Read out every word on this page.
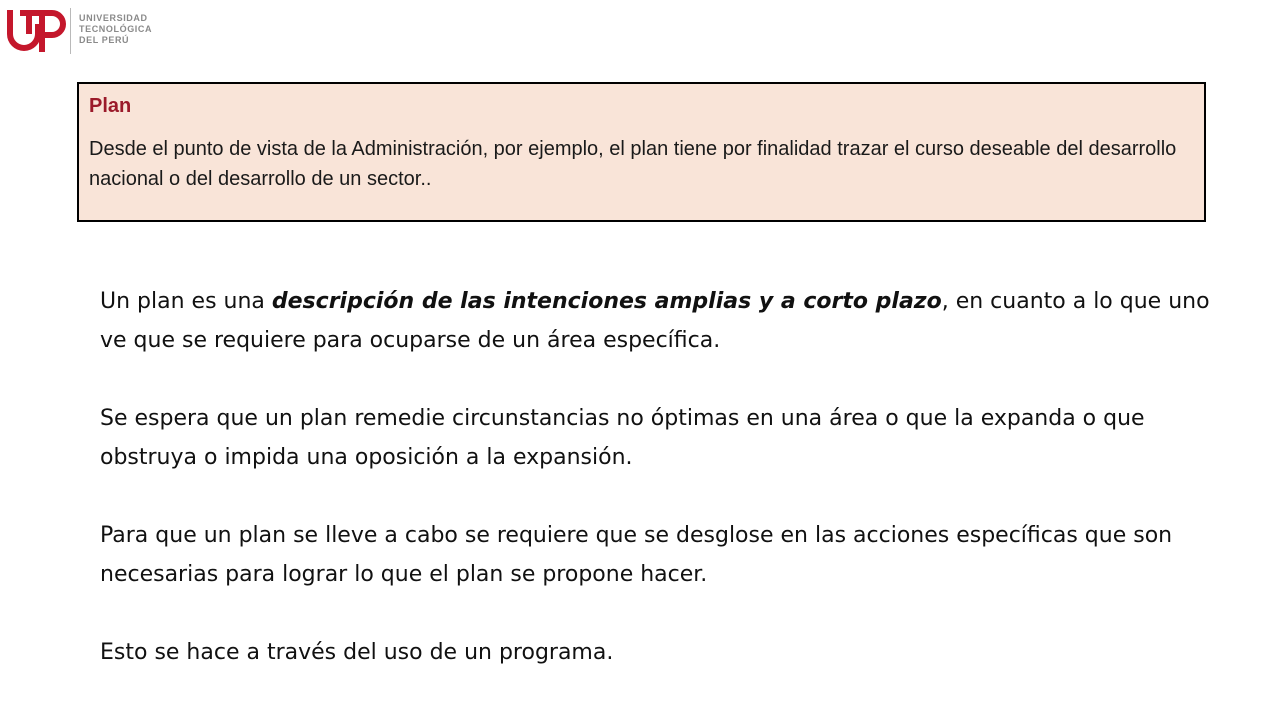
UNIVERSIDAD
TECNOLÓGICA
DEL PERÚ
Plan

Desde el punto de vista de la Administración, por ejemplo, el plan tiene por finalidad trazar el curso deseable del desarrollo nacional o del desarrollo de un sector..

Un plan es una descripción de las intenciones amplias y a corto plazo, en cuanto a lo que uno ve que se requiere para ocuparse de un área específica.

Se espera que un plan remedie circunstancias no óptimas en una área o que la expanda o que obstruya o impida una oposición a la expansión.

Para que un plan se lleve a cabo se requiere que se desglose en las acciones específicas que son necesarias para lograr lo que el plan se propone hacer.

Esto se hace a través del uso de un programa.
